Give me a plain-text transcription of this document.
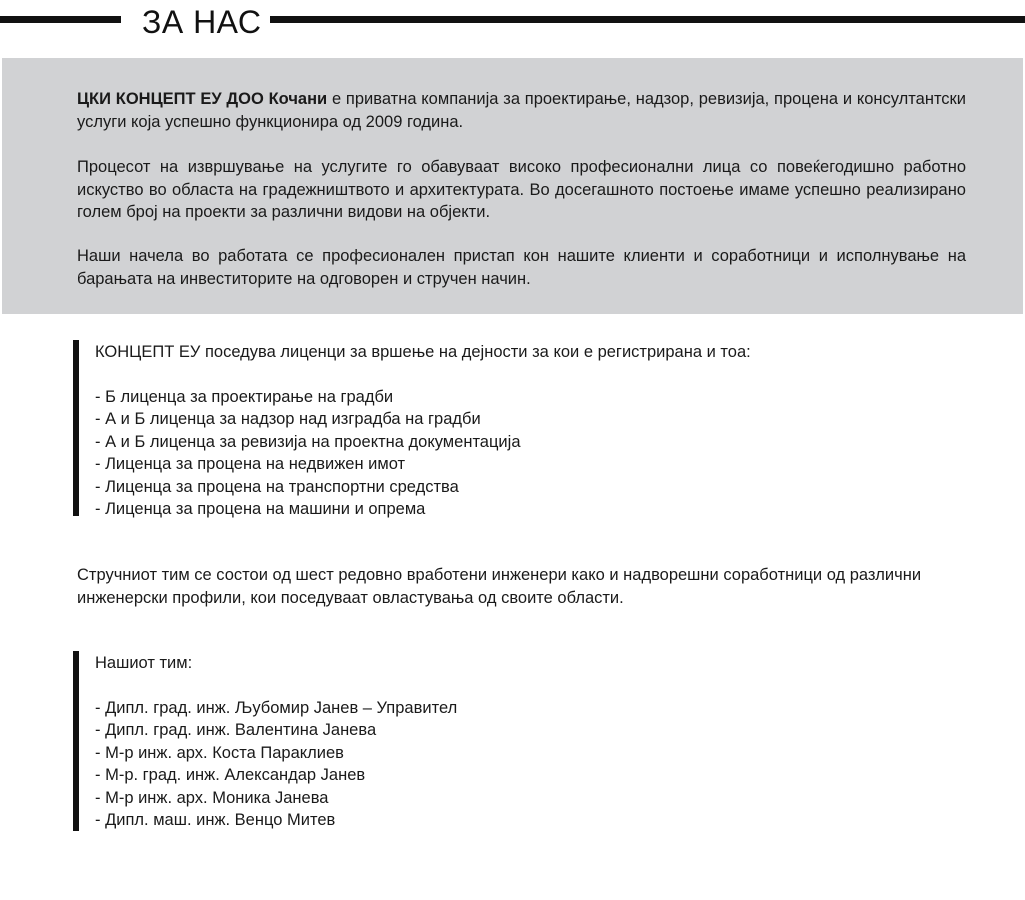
ЗА НАС

ЦКИ КОНЦЕПТ ЕУ ДОО Кочани е приватна компанија за проектирање, надзор, ревизија, процена и консултантски услуги која успешно функционира од 2009 година.

Процесот на извршување на услугите го обавуваат високо професионални лица со повеќегодишно работно искуство во областа на градежништвото и архитектурата. Во досегашното постоење имаме успешно реализирано голем број на проекти за различни видови на објекти.

Наши начела во работата се професионален пристап кон нашите клиенти и соработници и исполнување на барањата на инвеститорите на одговорен и стручен начин.

КОНЦЕПТ ЕУ поседува лиценци за вршење на дејности за кои е регистрирана и тоа:

- Б лиценца за проектирање на градби
- А и Б лиценца за надзор над изградба на градби
- А и Б лиценца за ревизија на проектна документација
- Лиценца за процена на недвижен имот
- Лиценца за процена на транспортни средства
- Лиценца за процена на машини и опрема

Стручниот тим се состои од шест редовно вработени инженери како и надворешни соработници од различни инженерски профили, кои поседуваат овластувања од своите области.

Нашиот тим:

- Дипл. град. инж. Љубомир Јанев – Управител
- Дипл. град. инж. Валентина Јанева
- М-р инж. арх. Коста Параклиев
- М-р. град. инж. Александар Јанев
- М-р инж. арх. Моника Јанева
- Дипл. маш. инж. Венцо Митев
